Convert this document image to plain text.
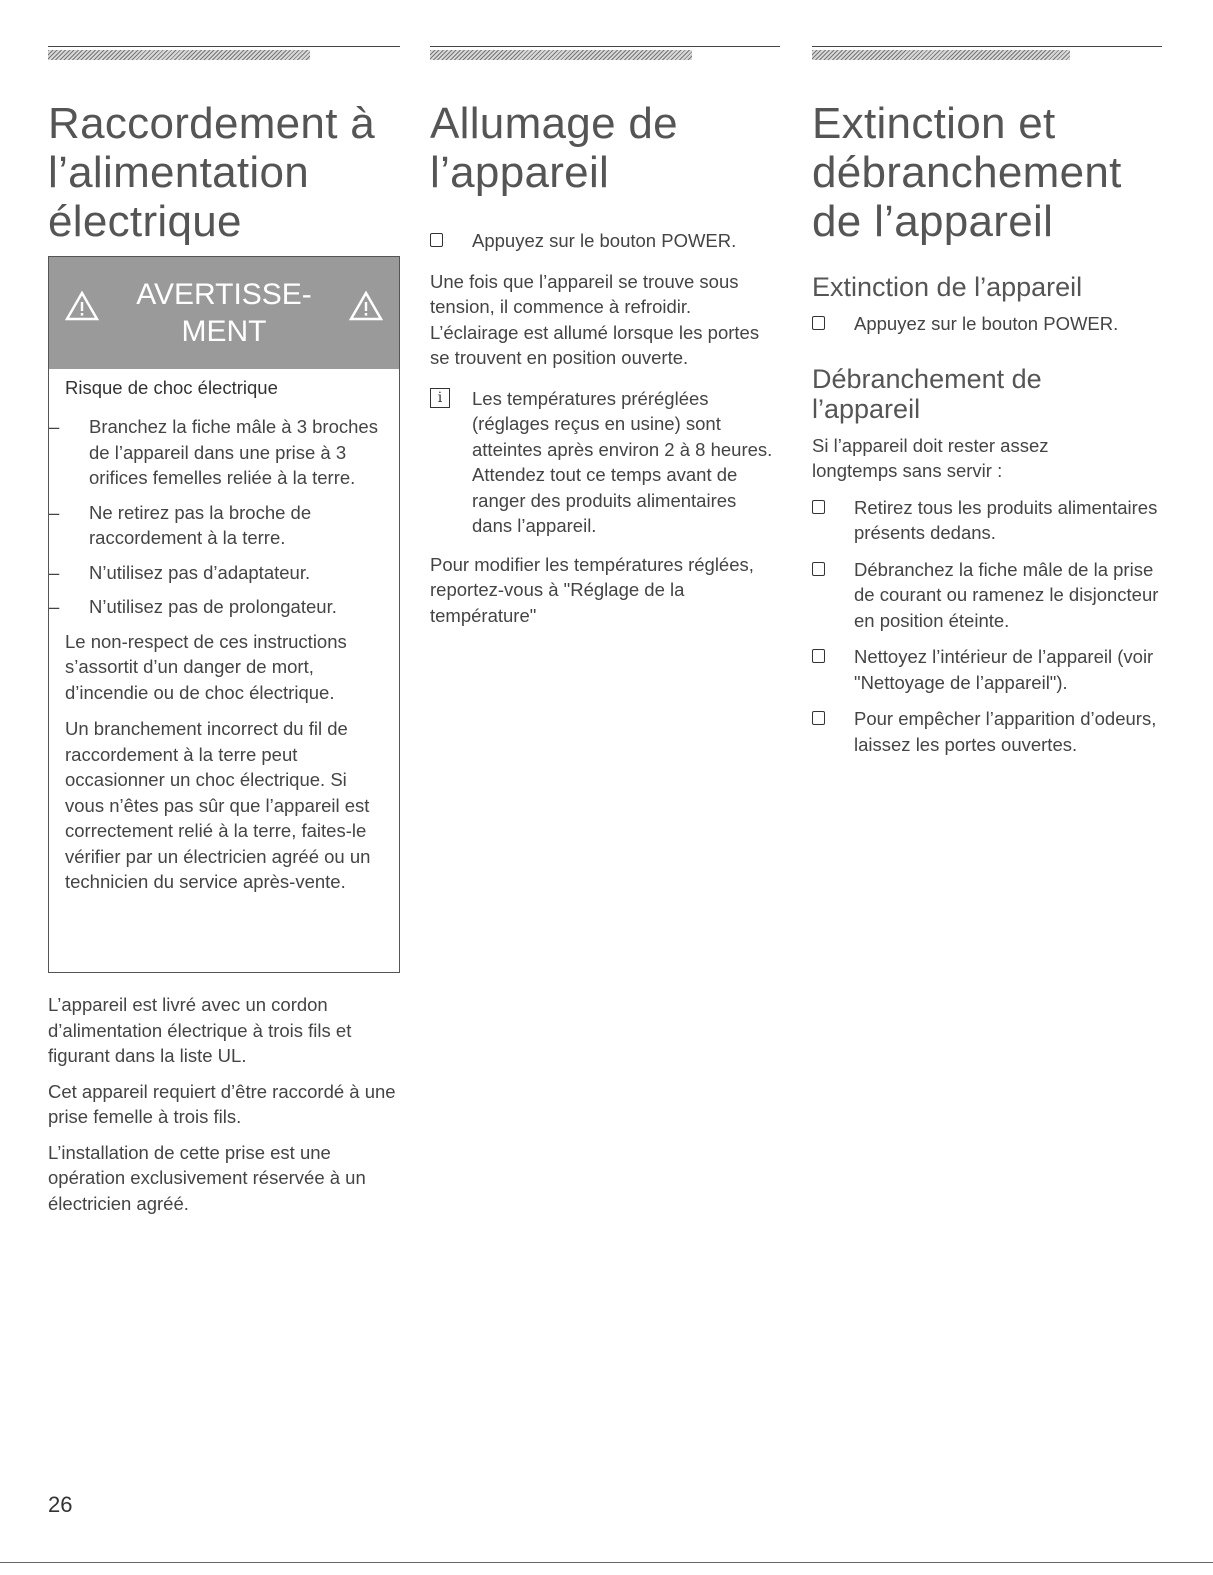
Raccordement à l’alimentation électrique
AVERTISSE- MENT
Risque de choc électrique
– Branchez la fiche mâle à 3 broches de l’appareil dans une prise à 3 orifices femelles reliée à la terre.
– Ne retirez pas la broche de raccordement à la terre.
– N’utilisez pas d’adaptateur.
– N’utilisez pas de prolongateur.

Le non-respect de ces instructions s’assortit d’un danger de mort, d’incendie ou de choc électrique.

Un branchement incorrect du fil de raccordement à la terre peut occasionner un choc électrique. Si vous n’êtes pas sûr que l’appareil est correctement relié à la terre, faites-le vérifier par un électricien agréé ou un technicien du service après-vente.

L’appareil est livré avec un cordon d’alimentation électrique à trois fils et figurant dans la liste UL.

Cet appareil requiert d’être raccordé à une prise femelle à trois fils.

L’installation de cette prise est une opération exclusivement réservée à un électricien agréé.

Allumage de l’appareil
Appuyez sur le bouton POWER.

Une fois que l’appareil se trouve sous tension, il commence à refroidir. L’éclairage est allumé lorsque les portes se trouvent en position ouverte.

i	Les températures préréglées (réglages reçus en usine) sont atteintes après environ 2 à 8 heures. Attendez tout ce temps avant de ranger des produits alimentaires dans l’appareil.

Pour modifier les températures réglées, reportez-vous à "Réglage de la température"

Extinction et débranchement de l’appareil
Extinction de l’appareil
Appuyez sur le bouton POWER.
Débranchement de l’appareil

Si l’appareil doit rester assez longtemps sans servir :

Retirez tous les produits alimentaires présents dedans.
Débranchez la fiche mâle de la prise de courant ou ramenez le disjoncteur en position éteinte.
Nettoyez l’intérieur de l’appareil (voir "Nettoyage de l’appareil").
Pour empêcher l’apparition d’odeurs, laissez les portes ouvertes.
26
